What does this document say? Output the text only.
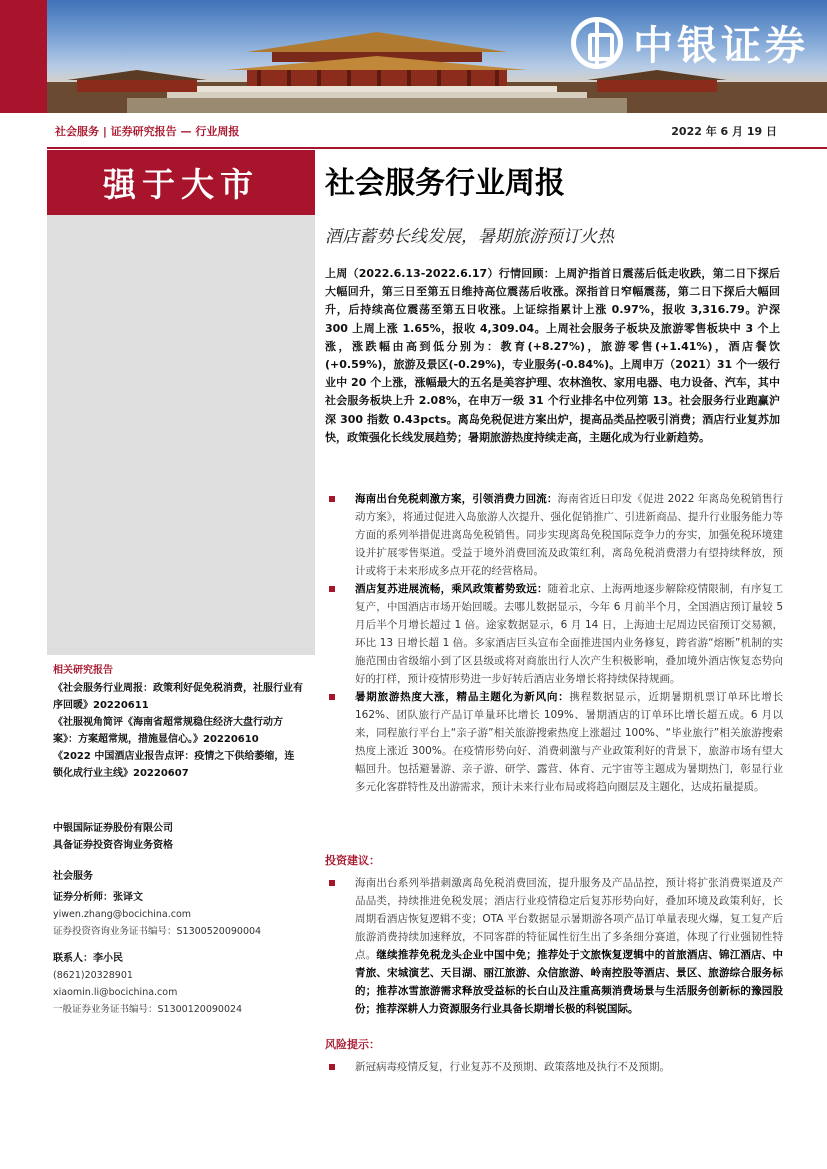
中银证券
社会服务 | 证券研究报告 — 行业周报	2022 年 6 月 19 日
强于大市
相关研究报告
《社会服务行业周报：政策利好促免税消费，社服行业有序回暖》20220611
《社服视角简评《海南省超常规稳住经济大盘行动方案》：方案超常规，措施显信心。》20220610
《2022 中国酒店业报告点评：疫情之下供给萎缩，连锁化成行业主线》20220607
中银国际证券股份有限公司
具备证券投资咨询业务资格
社会服务
证券分析师：张译文
yiwen.zhang@bocichina.com
证券投资咨询业务证书编号：S1300520090004
联系人：李小民
(8621)20328901
xiaomin.li@bocichina.com
一般证券业务证书编号：S1300120090024
社会服务行业周报
酒店蓄势长线发展，暑期旅游预订火热
上周（2022.6.13-2022.6.17）行情回顾：上周沪指首日震荡后低走收跌，第二日下探后大幅回升，第三日至第五日维持高位震荡后收涨。深指首日窄幅震荡，第二日下探后大幅回升，后持续高位震荡至第五日收涨。上证综指累计上涨 0.97%，报收 3,316.79。沪深 300 上周上涨 1.65%，报收 4,309.04。上周社会服务子板块及旅游零售板块中 3 个上涨，涨跌幅由高到低分别为：教育(+8.27%)，旅游零售(+1.41%)，酒店餐饮(+0.59%)，旅游及景区(-0.29%)，专业服务(-0.84%)。上周申万（2021）31 个一级行业中 20 个上涨，涨幅最大的五名是美容护理、农林渔牧、家用电器、电力设备、汽车，其中社会服务板块上升 2.08%，在申万一级 31 个行业排名中位列第 13。社会服务行业跑赢沪深 300 指数 0.43pcts。离岛免税促进方案出炉，提高品类品控吸引消费；酒店行业复苏加快，政策强化长线发展趋势；暑期旅游热度持续走高，主题化成为行业新趋势。
海南出台免税刺激方案，引领消费力回流：海南省近日印发《促进 2022 年离岛免税销售行动方案》，将通过促进入岛旅游人次提升、强化促销推广、引进新商品、提升行业服务能力等方面的系列举措促进离岛免税销售。同步实现离岛免税国际竞争力的夯实，加强免税环境建设并扩展零售渠道。受益于境外消费回流及政策红利，离岛免税消费潜力有望持续释放，预计或将于未来形成多点开花的经营格局。
酒店复苏进展流畅，乘风政策蓄势致远：随着北京、上海两地逐步解除疫情限制，有序复工复产，中国酒店市场开始回暖。去哪儿数据显示，今年 6 月前半个月，全国酒店预订量较 5 月后半个月增长超过 1 倍。途家数据显示，6 月 14 日，上海迪士尼周边民宿预订交易额，环比 13 日增长超 1 倍。多家酒店巨头宣布全面推进国内业务修复，跨省游“熔断”机制的实施范围由省级缩小到了区县级或将对商旅出行人次产生积极影响，叠加境外酒店恢复态势向好的打样，预计疫情形势进一步好转后酒店业务增长将持续保持规画。
暑期旅游热度大涨，精品主题化为新风向：携程数据显示，近期暑期机票订单环比增长 162%、团队旅行产品订单量环比增长 109%、暑期酒店的订单环比增长超五成。6 月以来，同程旅行平台上“亲子游”相关旅游搜索热度上涨超过 100%、“毕业旅行”相关旅游搜索热度上涨近 300%。在疫情形势向好、消费刺激与产业政策利好的背景下，旅游市场有望大幅回升。包括避暑游、亲子游、研学、露营、体育、元宇宙等主题成为暑期热门，彰显行业多元化客群特性及出游需求，预计未来行业布局或将趋向圈层及主题化，达成拓量提质。
投资建议：
海南出台系列举措刺激离岛免税消费回流，提升服务及产品品控，预计将扩张消费渠道及产品品类，持续推进免税发展；酒店行业疫情稳定后复苏形势向好，叠加环境及政策利好，长周期看酒店恢复逻辑不变；OTA 平台数据显示暑期游各项产品订单量表现火爆，复工复产后旅游消费持续加速释放，不同客群的特征属性衍生出了多条细分赛道，体现了行业强韧性特点。继续推荐免税龙头企业中国中免；推荐处于文旅恢复逻辑中的首旅酒店、锦江酒店、中青旅、宋城演艺、天目湖、丽江旅游、众信旅游、岭南控股等酒店、景区、旅游综合服务标的；推荐冰雪旅游需求释放受益标的长白山及注重高频消费场景与生活服务创新标的豫园股份；推荐深耕人力资源服务行业具备长期增长极的科锐国际。
风险提示：
新冠病毒疫情反复，行业复苏不及预期、政策落地及执行不及预期。
